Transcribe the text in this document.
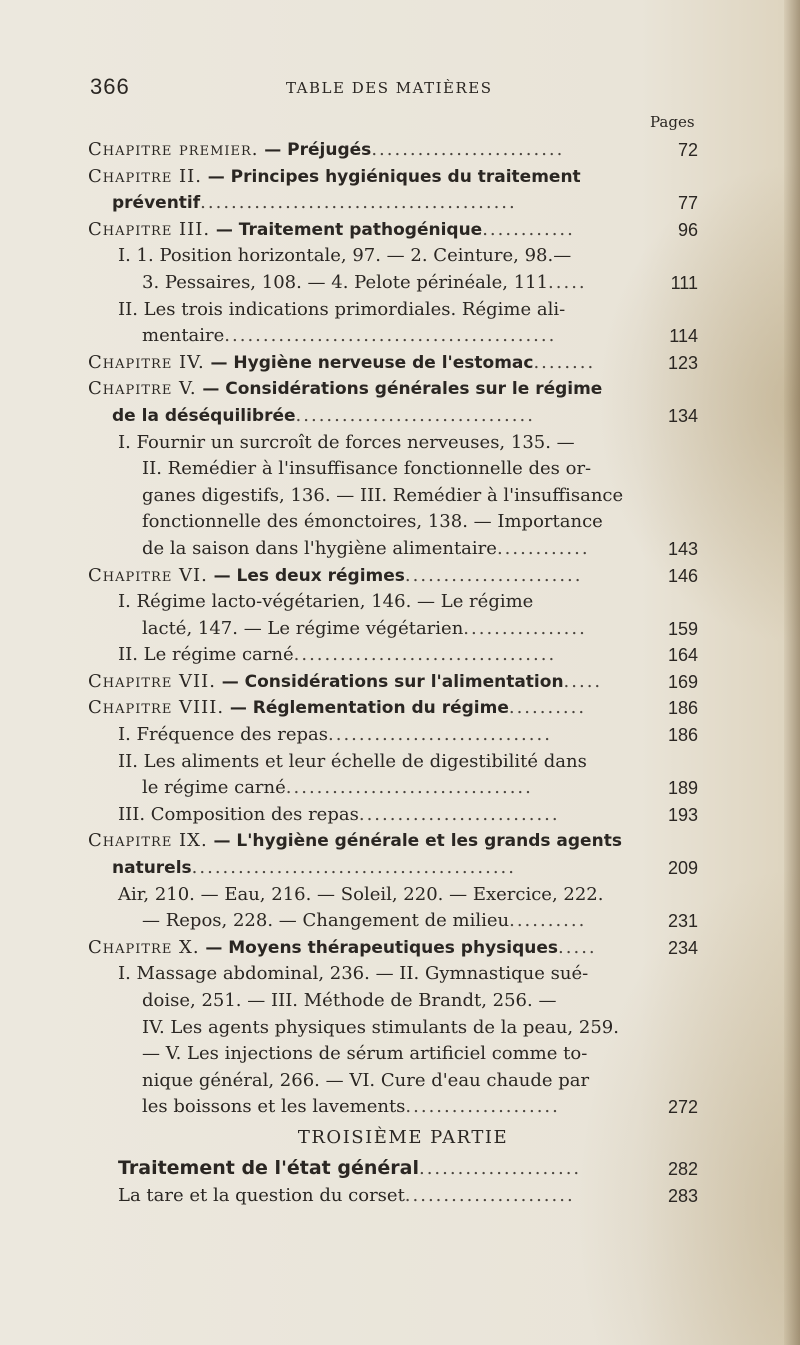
366	TABLE DES MATIÈRES
Pages
Chapitre premier. — Préjugés.........................	72
Chapitre II. — Principes hygiéniques du traitement
préventif.........................................	77
Chapitre III. — Traitement pathogénique............	96
I. 1. Position horizontale, 97. — 2. Ceinture, 98.—
3. Pessaires, 108. — 4. Pelote périnéale, 111.....	111
II. Les trois indications primordiales. Régime ali-
mentaire...........................................	114
Chapitre IV. — Hygiène nerveuse de l'estomac........	123
Chapitre V. — Considérations générales sur le régime
de la déséquilibrée...............................	134
I. Fournir un surcroît de forces nerveuses, 135. —
II. Remédier à l'insuffisance fonctionnelle des or-
ganes digestifs, 136. — III. Remédier à l'insuffisance
fonctionnelle des émonctoires, 138. — Importance
de la saison dans l'hygiène alimentaire............	143
Chapitre VI. — Les deux régimes.......................	146
I. Régime lacto-végétarien, 146. — Le régime
lacté, 147. — Le régime végétarien................	159
II. Le régime carné..................................	164
Chapitre VII. — Considérations sur l'alimentation.....	169
Chapitre VIII. — Réglementation du régime..........	186
I. Fréquence des repas.............................	186
II. Les aliments et leur échelle de digestibilité dans
le régime carné................................	189
III. Composition des repas..........................	193
Chapitre IX. — L'hygiène générale et les grands agents
naturels..........................................	209
Air, 210. — Eau, 216. — Soleil, 220. — Exercice, 222.
— Repos, 228. — Changement de milieu..........	231
Chapitre X. — Moyens thérapeutiques physiques.....	234
I. Massage abdominal, 236. — II. Gymnastique sué-
doise, 251. — III. Méthode de Brandt, 256. —
IV. Les agents physiques stimulants de la peau, 259.
— V. Les injections de sérum artificiel comme to-
nique général, 266. — VI. Cure d'eau chaude par
les boissons et les lavements....................	272
TROISIÈME PARTIE
Traitement de l'état général.....................	282
La tare et la question du corset......................	283
